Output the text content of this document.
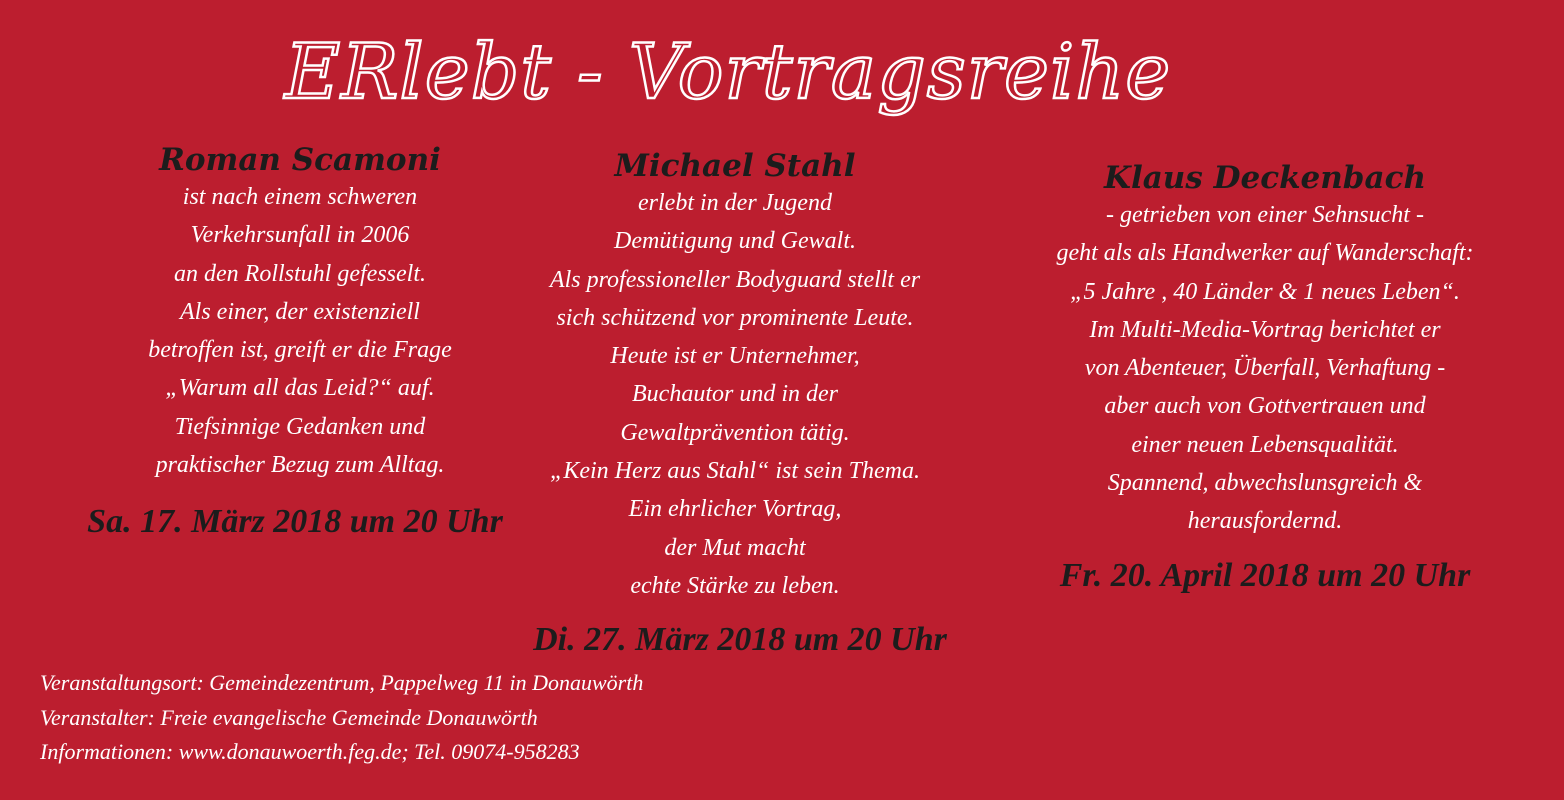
ERlebt - Vortragsreihe
Roman Scamoni
ist nach einem schweren
Verkehrsunfall in 2006
an den Rollstuhl gefesselt.
Als einer, der existenziell
betroffen ist, greift er die Frage
„Warum all das Leid?“ auf.
Tiefsinnige Gedanken und
praktischer Bezug zum Alltag.
Sa. 17. März 2018 um 20 Uhr
Michael Stahl
erlebt in der Jugend
Demütigung und Gewalt.
Als professioneller Bodyguard stellt er
sich schützend vor prominente Leute.
Heute ist er Unternehmer,
Buchautor und in der
Gewaltprävention tätig.
„Kein Herz aus Stahl“ ist sein Thema.
Ein ehrlicher Vortrag,
der Mut macht
echte Stärke zu leben.
Di. 27. März 2018 um 20 Uhr
Klaus Deckenbach
- getrieben von einer Sehnsucht -
geht als als Handwerker auf Wanderschaft:
„5 Jahre , 40 Länder & 1 neues Leben“.
Im Multi-Media-Vortrag berichtet er
von Abenteuer, Überfall, Verhaftung -
aber auch von Gottvertrauen und
einer neuen Lebensqualität.
Spannend, abwechslunsgreich &
herausfordernd.
Fr. 20. April 2018 um 20 Uhr
Veranstaltungsort: Gemeindezentrum, Pappelweg 11 in Donauwörth
Veranstalter: Freie evangelische Gemeinde Donauwörth
Informationen: www.donauwoerth.feg.de; Tel. 09074-958283
